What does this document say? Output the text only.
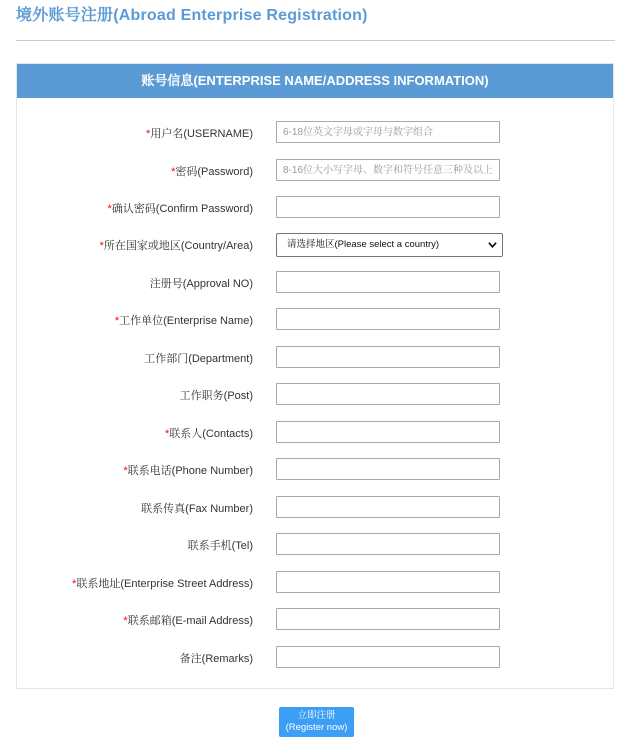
境外账号注册(Abroad Enterprise Registration)
账号信息(ENTERPRISE NAME/ADDRESS INFORMATION)
*用户名(USERNAME)
6-18位英文字母或字母与数字组合
*密码(Password)
8-16位大小写字母、数字和符号任意三种及以上组合
*确认密码(Confirm Password)
*所在国家或地区(Country/Area)	请选择地区(Please select a country)
注册号(Approval NO)
*工作单位(Enterprise Name)
工作部门(Department)
工作职务(Post)
*联系人(Contacts)
*联系电话(Phone Number)
联系传真(Fax Number)
联系手机(Tel)
*联系地址(Enterprise Street Address)
*联系邮箱(E-mail Address)
备注(Remarks)
立即注册
(Register now)
